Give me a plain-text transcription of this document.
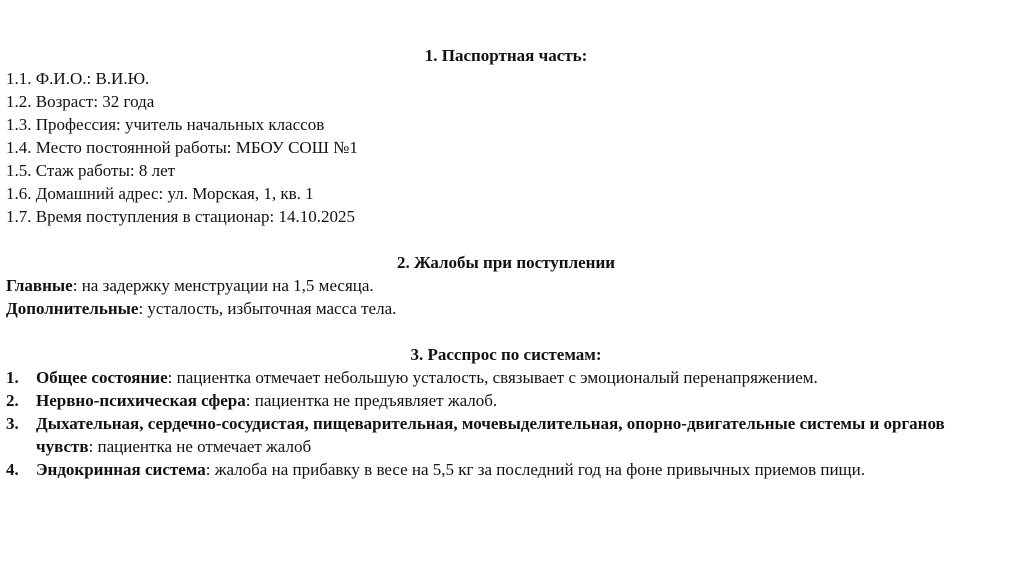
1. Паспортная часть:

1.1. Ф.И.О.: В.И.Ю.

1.2. Возраст: 32 года

1.3. Профессия: учитель начальных классов

1.4. Место постоянной работы: МБОУ СОШ №1

1.5. Стаж работы: 8 лет

1.6. Домашний адрес: ул. Морская, 1, кв. 1

1.7. Время поступления в стационар: 14.10.2025

2. Жалобы при поступлении

Главные: на задержку менструации на 1,5 месяца.

Дополнительные: усталость, избыточная масса тела.

3. Расспрос по системам:

1. Общее состояние: пациентка отмечает небольшую усталость, связывает с эмоционалый перенапряжением.
2. Нервно-психическая сфера: пациентка не предъявляет жалоб.
3. Дыхательная, сердечно-сосудистая, пищеварительная, мочевыделительная, опорно-двигательные системы и органов чувств: пациентка не отмечает жалоб
4. Эндокринная система: жалоба на прибавку в весе на 5,5 кг за последний год на фоне привычных приемов пищи.
